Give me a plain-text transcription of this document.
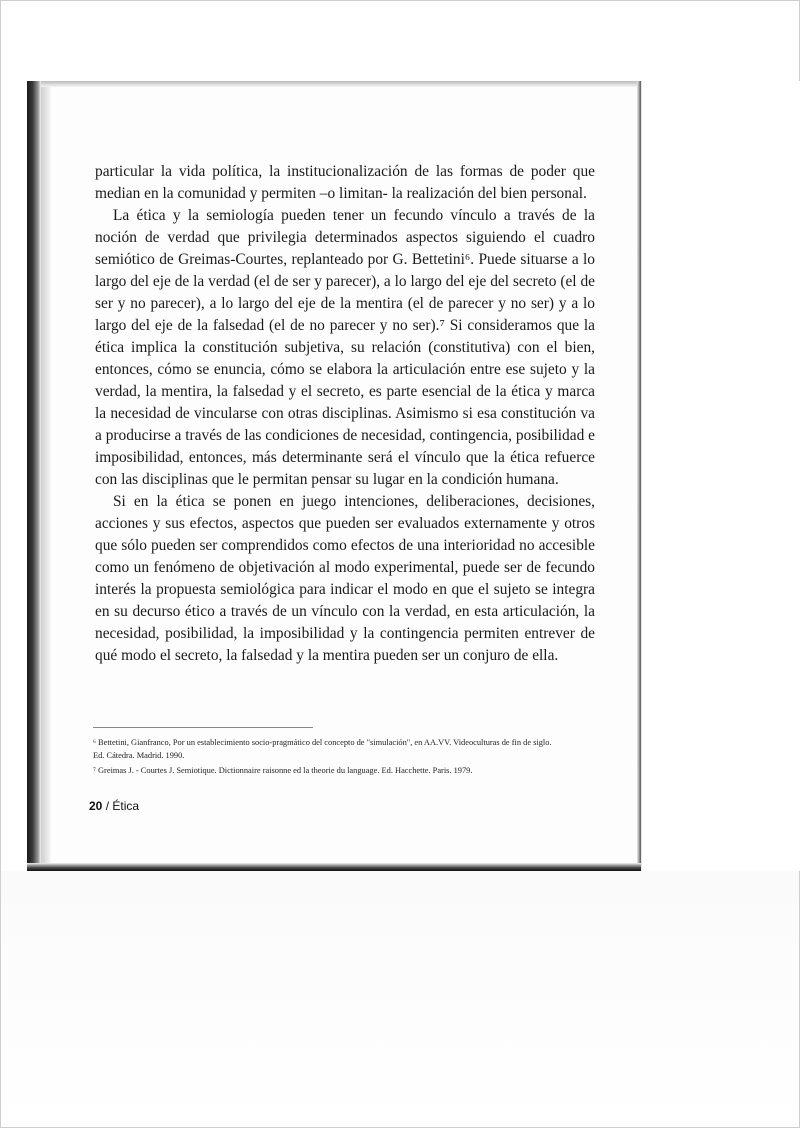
particular la vida política, la institucionalización de las formas de poder que median en la comunidad y permiten –o limitan- la realización del bien personal.

La ética y la semiología pueden tener un fecundo vínculo a través de la noción de verdad que privilegia determinados aspectos siguiendo el cuadro semiótico de Greimas-Courtes, replanteado por G. Bettetini⁶. Puede situarse a lo largo del eje de la verdad (el de ser y parecer), a lo largo del eje del secreto (el de ser y no parecer), a lo largo del eje de la mentira (el de parecer y no ser) y a lo largo del eje de la falsedad (el de no parecer y no ser).⁷ Si consideramos que la ética implica la constitución subjetiva, su relación (constitutiva) con el bien, entonces, cómo se enuncia, cómo se elabora la articulación entre ese sujeto y la verdad, la mentira, la falsedad y el secreto, es parte esencial de la ética y marca la necesidad de vincularse con otras disciplinas. Asimismo si esa constitución va a producirse a través de las condiciones de necesidad, contingencia, posibilidad e imposibilidad, entonces, más determinante será el vínculo que la ética refuerce con las disciplinas que le permitan pensar su lugar en la condición humana.

Si en la ética se ponen en juego intenciones, deliberaciones, decisiones, acciones y sus efectos, aspectos que pueden ser evaluados externamente y otros que sólo pueden ser comprendidos como efectos de una interioridad no accesible como un fenómeno de objetivación al modo experimental, puede ser de fecundo interés la propuesta semiológica para indicar el modo en que el sujeto se integra en su decurso ético a través de un vínculo con la verdad, en esta articulación, la necesidad, posibilidad, la imposibilidad y la contingencia permiten entrever de qué modo el secreto, la falsedad y la mentira pueden ser un conjuro de ella.

⁶ Bettetini, Gianfranco, Por un establecimiento socio-pragmático del concepto de "simulación", en AA.VV. Videoculturas de fin de siglo. Ed. Cátedra. Madrid. 1990.

⁷ Greimas J. - Courtes J. Semiotique. Dictionnaire raisonne ed la theorie du language. Ed. Hacchette. Paris. 1979.

20 / Ética
